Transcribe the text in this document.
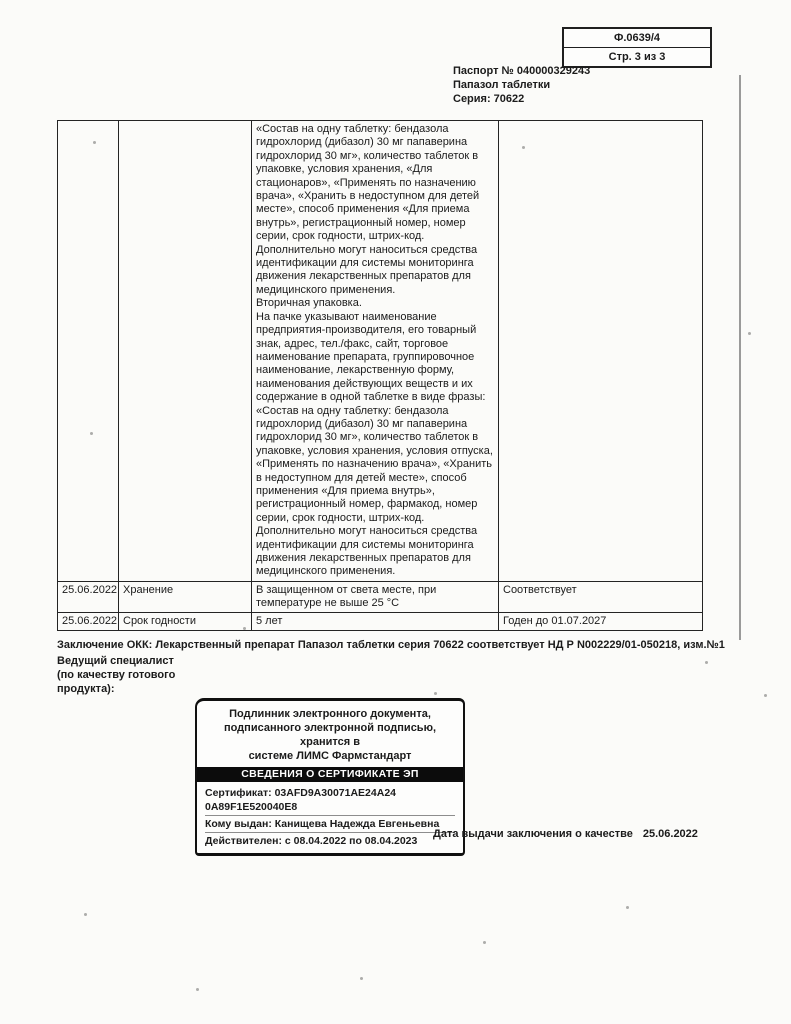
Ф.0639/4
Стр. 3 из 3
Паспорт № 040000329243
Папазол таблетки
Серия: 70622

		«Состав на одну таблетку: бендазола гидрохлорид (дибазол) 30 мг папаверина гидрохлорид 30 мг», количество таблеток в упаковке, условия хранения, «Для стационаров», «Применять по назначению врача», «Хранить в недоступном для детей месте», способ применения «Для приема внутрь», регистрационный номер, номер серии, срок годности, штрих-код.
Дополнительно могут наноситься средства идентификации для системы мониторинга движения лекарственных препаратов для медицинского применения.
Вторичная упаковка.
На пачке указывают наименование предприятия-производителя, его товарный знак, адрес, тел./факс, сайт, торговое наименование препарата, группировочное наименование, лекарственную форму, наименования действующих веществ и их содержание в одной таблетке в виде фразы: «Состав на одну таблетку: бендазола гидрохлорид (дибазол) 30 мг папаверина гидрохлорид 30 мг», количество таблеток в упаковке, условия хранения, условия отпуска, «Применять по назначению врача», «Хранить в недоступном для детей месте», способ применения «Для приема внутрь», регистрационный номер, фармакод, номер серии, срок годности, штрих-код.
Дополнительно могут наноситься средства идентификации для системы мониторинга движения лекарственных препаратов для медицинского применения.	

25.06.2022	Хранение	В защищенном от света месте, при температуре не выше 25 °C	Соответствует
25.06.2022	Срок годности	5 лет	Годен до 01.07.2027
Заключение ОКК: Лекарственный препарат Папазол таблетки серия 70622 соответствует НД Р N002229/01-050218, изм.№1
Ведущий специалист (по качеству готового продукта):
Подлинник электронного документа,
подписанного электронной подписью, хранится в
системе ЛИМС Фармстандарт
СВЕДЕНИЯ О СЕРТИФИКАТЕ ЭП
Сертификат: 03AFD9A30071AE24A24 0A89F1E520040E8
Кому выдан: Канищева Надежда Евгеньевна
Действителен: с 08.04.2022 по 08.04.2023
Дата выдачи заключения о качестве 25.06.2022
